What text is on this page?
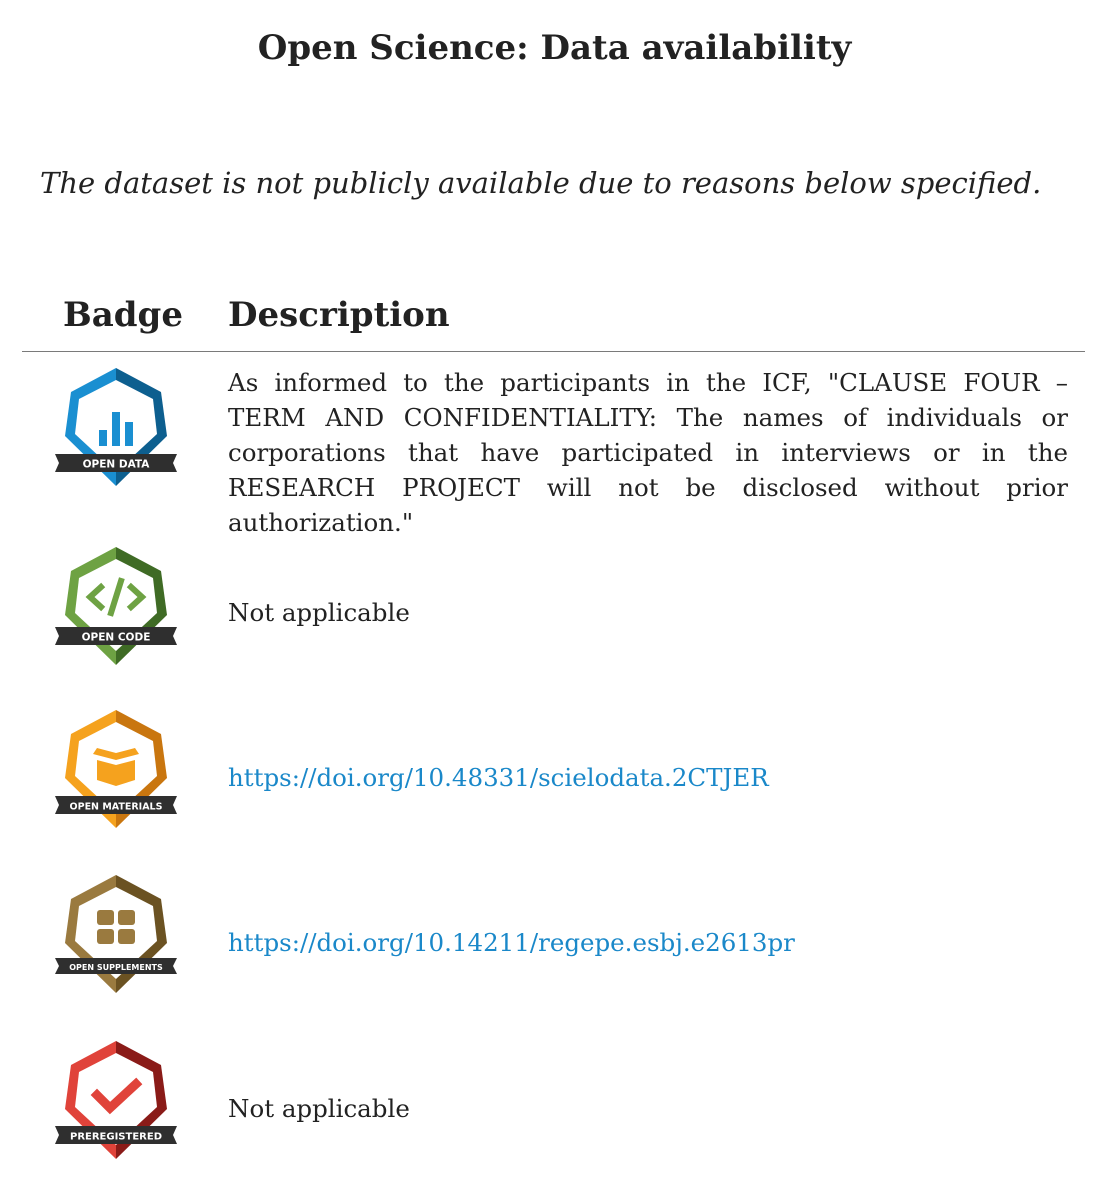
Open Science: Data availability
The dataset is not publicly available due to reasons below specified.
Badge Description
OPEN DATA
As informed to the participants in the ICF, "CLAUSE FOUR – TERM AND CONFIDENTIALITY: The names of individuals or corporations that have participated in interviews or in the RESEARCH PROJECT will not be disclosed without prior authorization."
OPEN CODE
Not applicable
OPEN MATERIALS
https://doi.org/10.48331/scielodata.2CTJER
OPEN SUPPLEMENTS
https://doi.org/10.14211/regepe.esbj.e2613pr
PREREGISTERED
Not applicable
